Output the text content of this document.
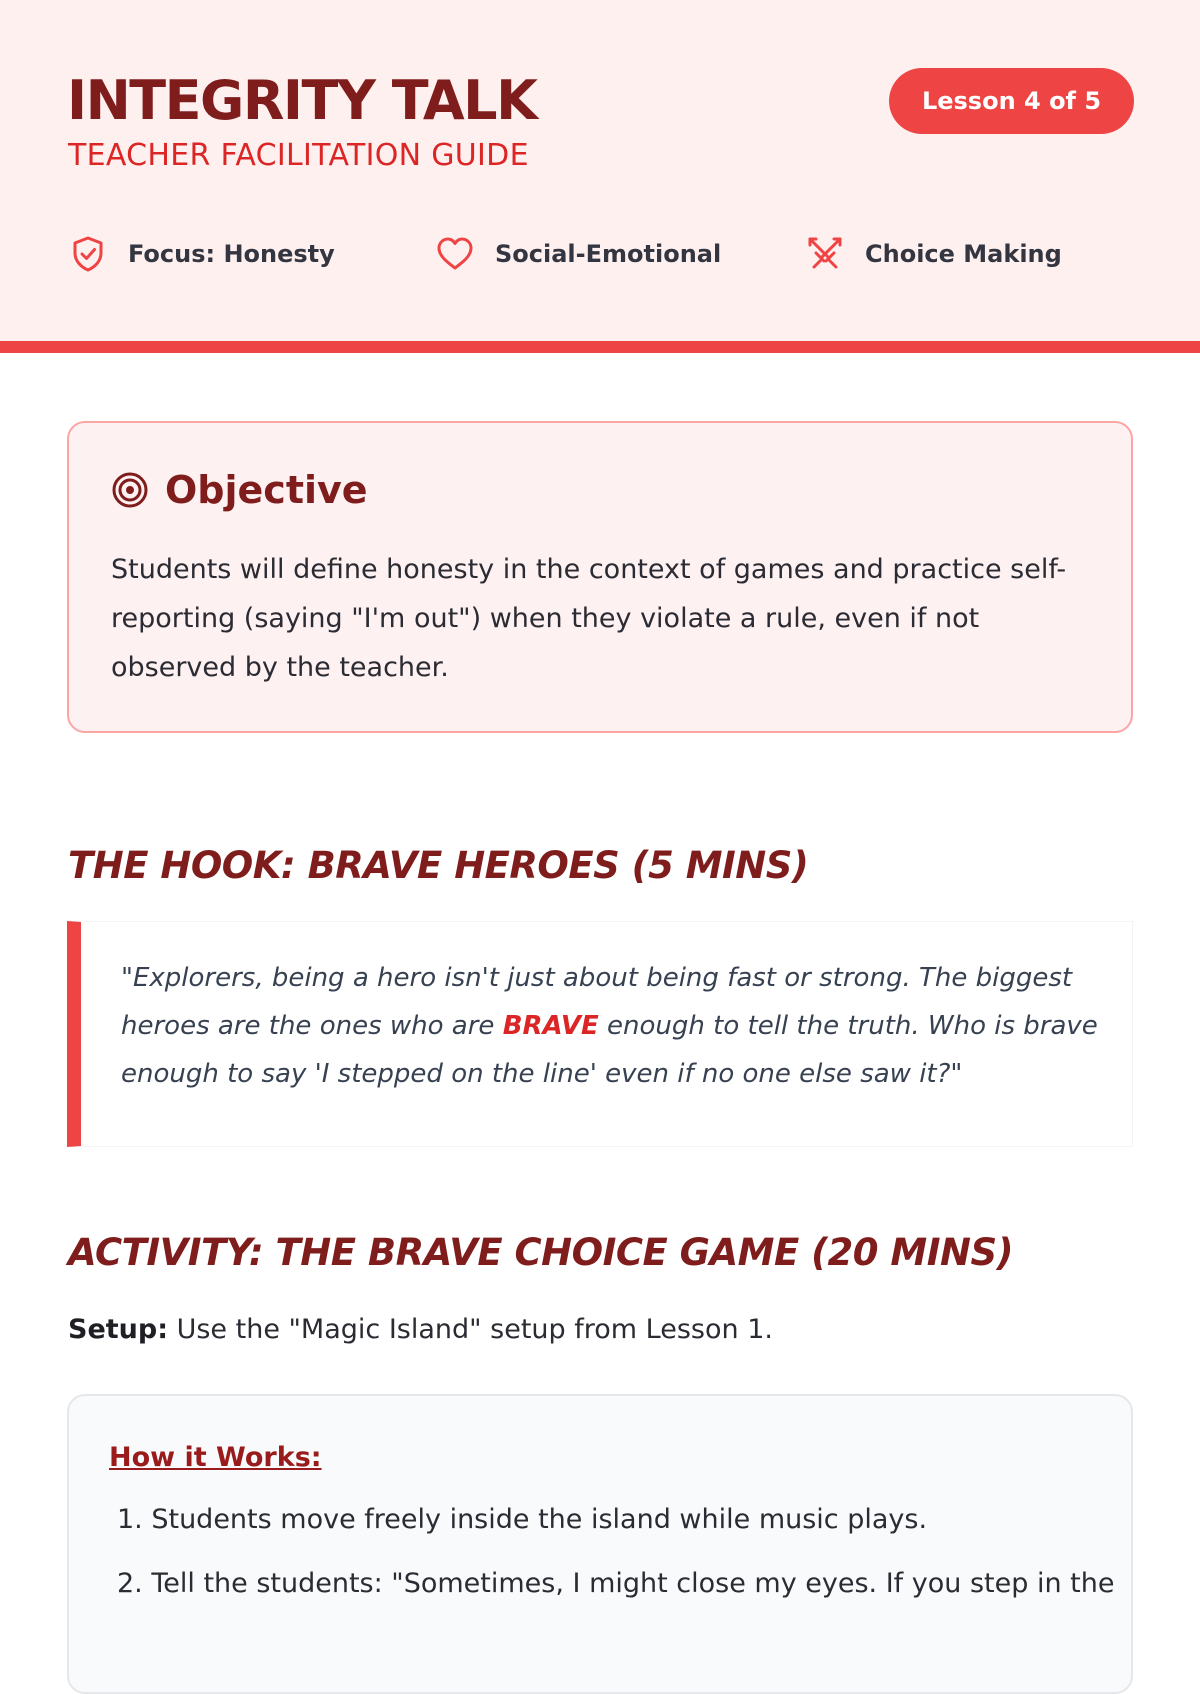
INTEGRITY TALK
TEACHER FACILITATION GUIDE
Lesson 4 of 5
Focus: Honesty	Social-Emotional	Choice Making
Objective
Students will define honesty in the context of games and practice self-reporting (saying "I'm out") when they violate a rule, even if not observed by the teacher.
THE HOOK: BRAVE HEROES (5 MINS)
"Explorers, being a hero isn't just about being fast or strong. The biggest heroes are the ones who are BRAVE enough to tell the truth. Who is brave enough to say 'I stepped on the line' even if no one else saw it?"
ACTIVITY: THE BRAVE CHOICE GAME (20 MINS)
Setup: Use the "Magic Island" setup from Lesson 1.
How it Works:
1. Students move freely inside the island while music plays.
2. Tell the students: "Sometimes, I might close my eyes. If you step in the
